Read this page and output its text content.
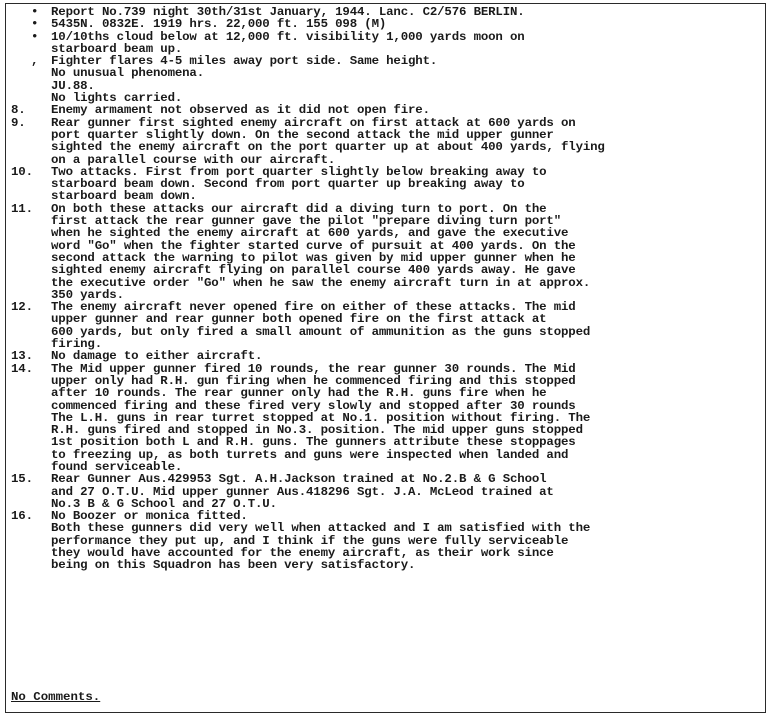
•	Report No.739 night 30th/31st January, 1944. Lanc. C2/576 BERLIN.
•	5435N. 0832E. 1919 hrs. 22,000 ft. 155 098 (M)
•	10/10ths cloud below at 12,000 ft. visibility 1,000 yards moon on
starboard beam up.
,	Fighter flares 4-5 miles away port side. Same height.
No unusual phenomena.
JU.88.
No lights carried.
8.	Enemy armament not observed as it did not open fire.
9.	Rear gunner first sighted enemy aircraft on first attack at 600 yards on
port quarter slightly down. On the second attack the mid upper gunner
sighted the enemy aircraft on the port quarter up at about 400 yards, flying
on a parallel course with our aircraft.
10.	Two attacks. First from port quarter slightly below breaking away to
starboard beam down. Second from port quarter up breaking away to
starboard beam down.
11.	On both these attacks our aircraft did a diving turn to port. On the
first attack the rear gunner gave the pilot "prepare diving turn port"
when he sighted the enemy aircraft at 600 yards, and gave the executive
word "Go" when the fighter started curve of pursuit at 400 yards. On the
second attack the warning to pilot was given by mid upper gunner when he
sighted enemy aircraft flying on parallel course 400 yards away. He gave
the executive order "Go" when he saw the enemy aircraft turn in at approx.
350 yards.
12.	The enemy aircraft never opened fire on either of these attacks. The mid
upper gunner and rear gunner both opened fire on the first attack at
600 yards, but only fired a small amount of ammunition as the guns stopped
firing.
13.	No damage to either aircraft.
14.	The Mid upper gunner fired 10 rounds, the rear gunner 30 rounds. The Mid
upper only had R.H. gun firing when he commenced firing and this stopped
after 10 rounds. The rear gunner only had the R.H. guns fire when he
commenced firing and these fired very slowly and stopped after 30 rounds
The L.H. guns in rear turret stopped at No.1. position without firing. The
R.H. guns fired and stopped in No.3. position. The mid upper guns stopped
1st position both L and R.H. guns. The gunners attribute these stoppages
to freezing up, as both turrets and guns were inspected when landed and
found serviceable.
15.	Rear Gunner Aus.429953 Sgt. A.H.Jackson trained at No.2.B & G School
and 27 O.T.U. Mid upper gunner Aus.418296 Sgt. J.A. McLeod trained at
No.3 B & G School and 27 O.T.U.
16.	No Boozer or monica fitted.
Both these gunners did very well when attacked and I am satisfied with the
performance they put up, and I think if the guns were fully serviceable
they would have accounted for the enemy aircraft, as their work since
being on this Squadron has been very satisfactory.
No Comments.
